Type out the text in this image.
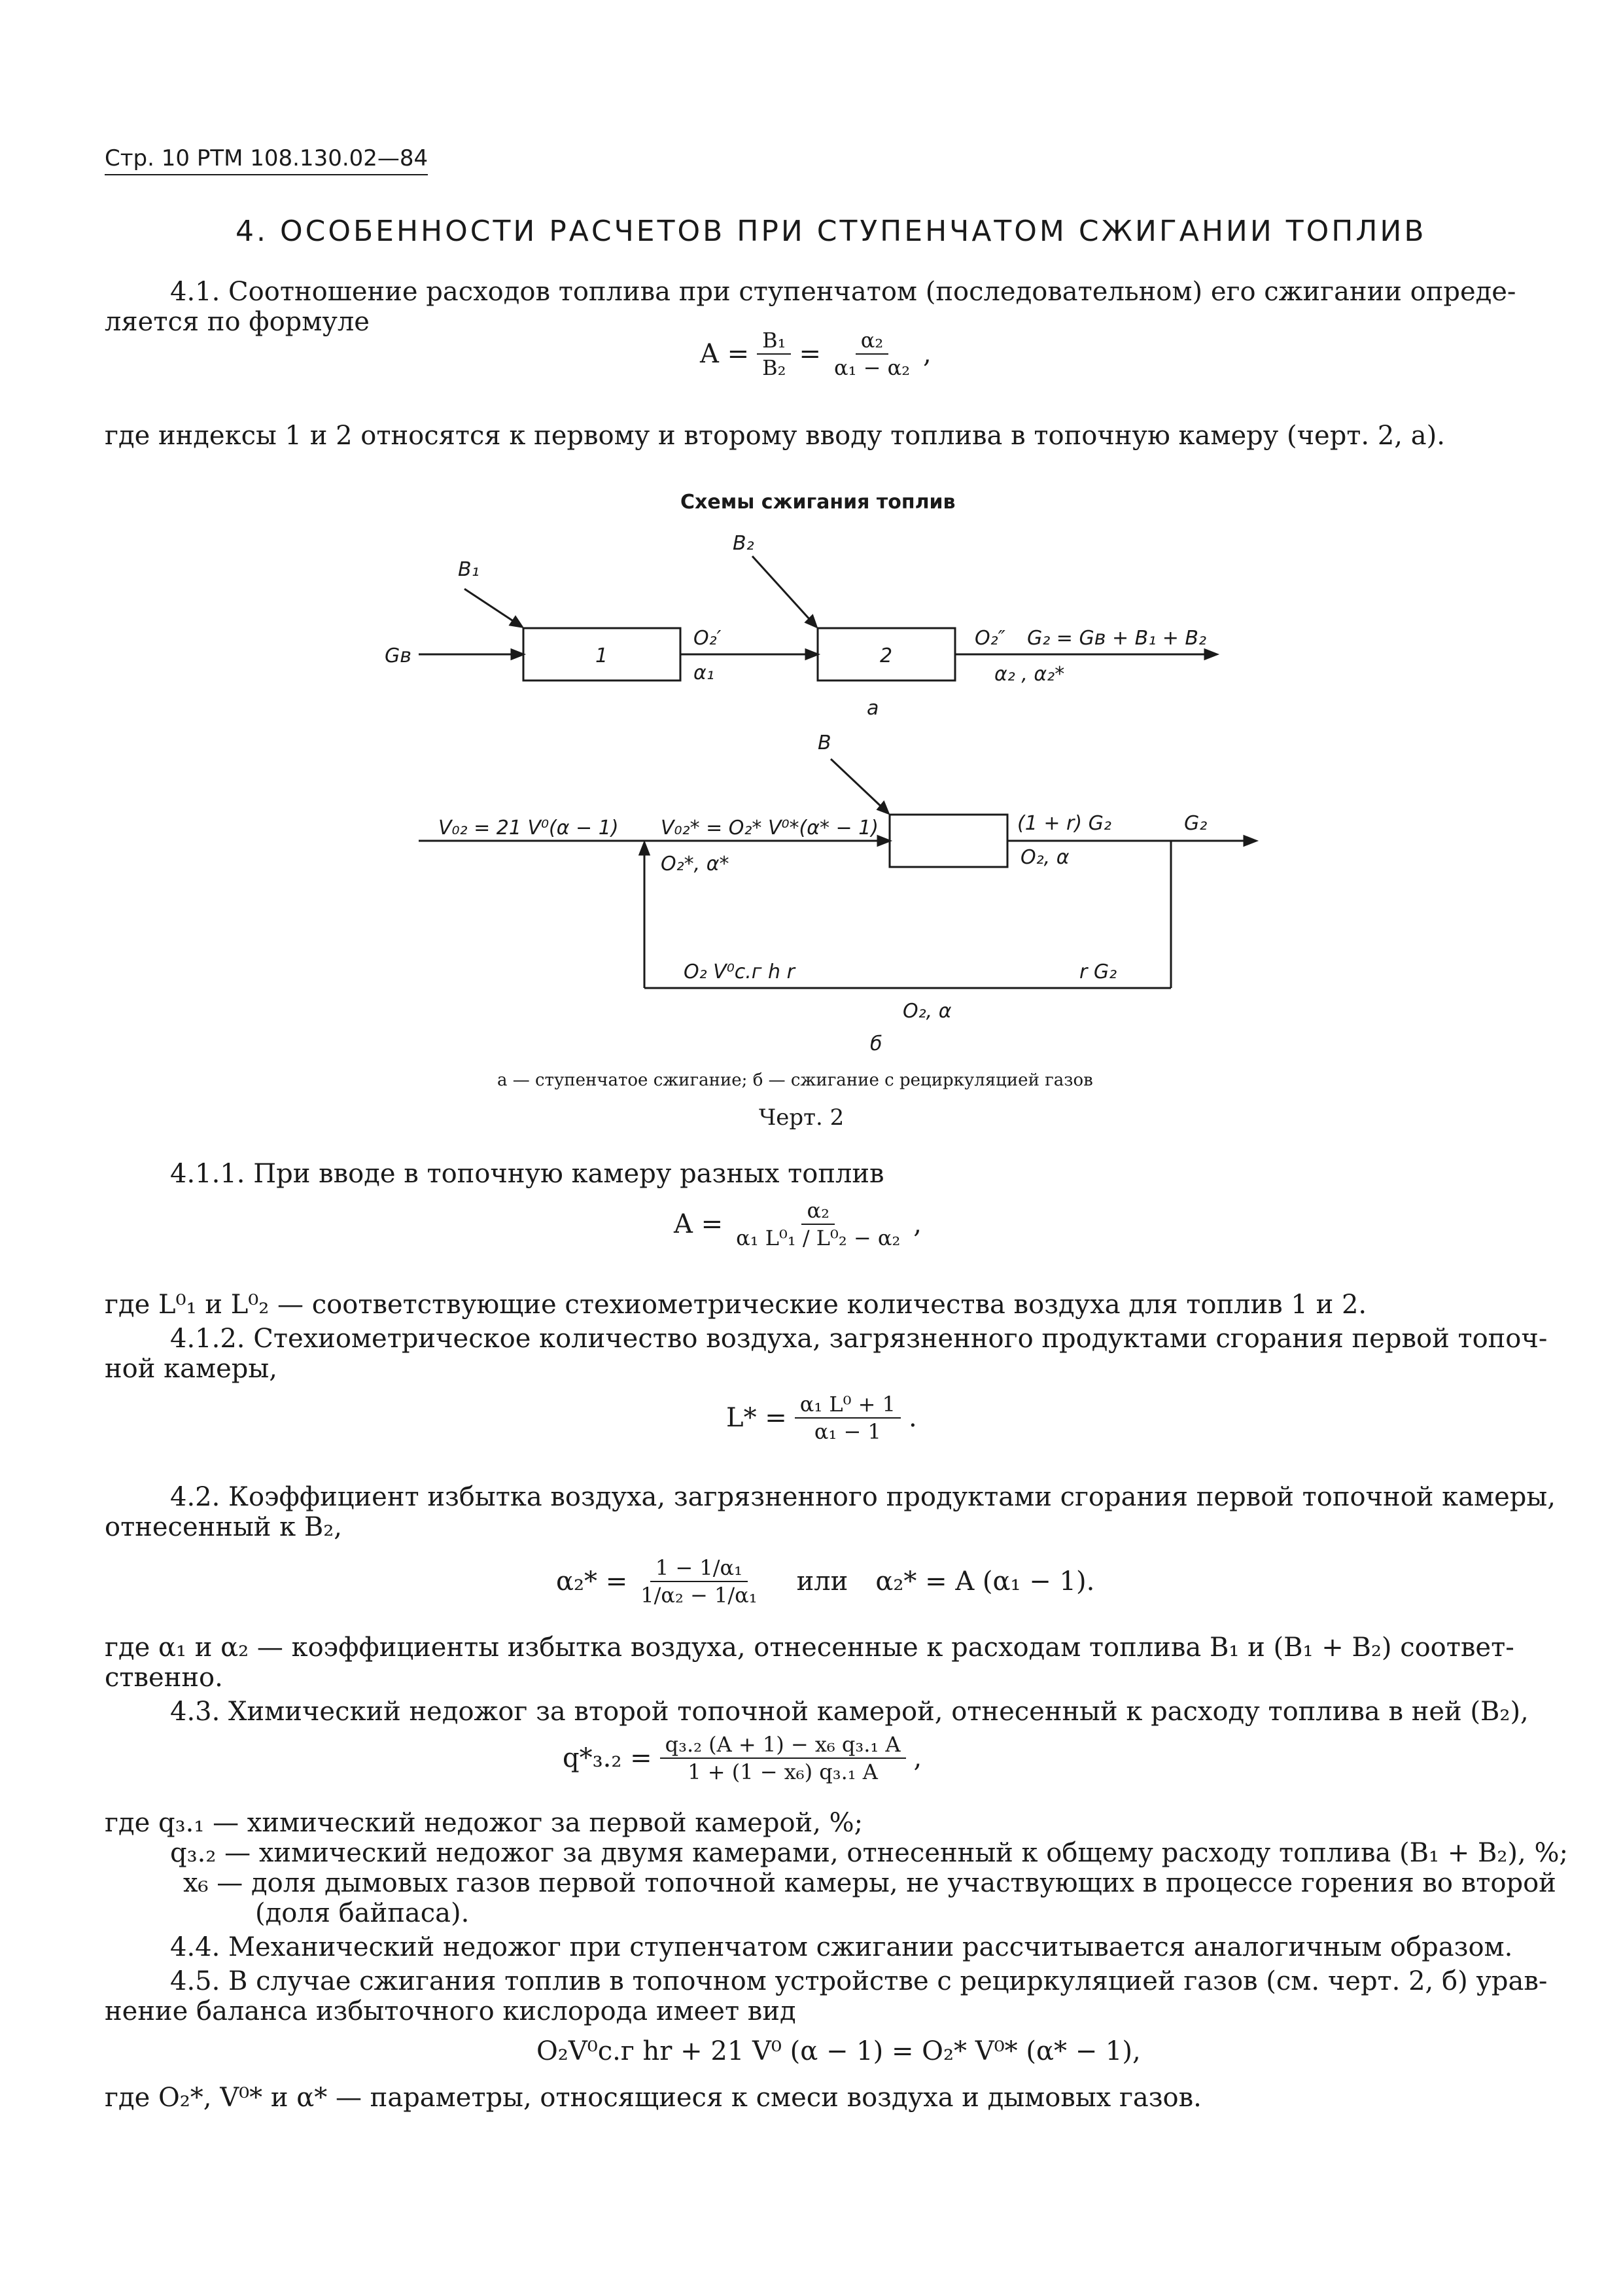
Стр. 10 РТМ 108.130.02—84
4. ОСОБЕННОСТИ РАСЧЕТОВ ПРИ СТУПЕНЧАТОМ СЖИГАНИИ ТОПЛИВ
4.1. Соотношение расходов топлива при ступенчатом (последовательном) его сжигании опреде-
ляется по формуле
$A = \frac{\text{B₁}}{\text{B₂}} = \frac{\text{α₂}}{\text{α₁ − α₂}}$ ,
где индексы 1 и 2 относятся к первому и второму вводу топлива в топочную камеру (черт. 2, а).
Схемы сжигания топлив
B₁
B₂
Gв	1	2
O₂′
α₁
O₂″ G₂ = Gв + B₁ + B₂
α₂ , α₂*
а
B
V₀₂ = 21 V⁰(α − 1) V₀₂* = O₂* V⁰*(α* − 1)
O₂*, α*
(1 + r) G₂
O₂, α
G₂
O₂ V⁰с.г h r	r G₂
O₂, α
б
а — ступенчатое сжигание; б — сжигание с рециркуляцией газов
Черт. 2
4.1.1. При вводе в топочную камеру разных топлив
$A = \frac{\text{α₂}}{\text{α₁ L⁰₁ / L⁰₂ − α₂}}$ ,
где L⁰₁ и L⁰₂ — соответствующие стехиометрические количества воздуха для топлив 1 и 2.
4.1.2. Стехиометрическое количество воздуха, загрязненного продуктами сгорания первой топоч-
ной камеры,
$L* = \frac{\text{α₁ L⁰ + 1}}{\text{α₁ − 1}}$ .
4.2. Коэффициент избытка воздуха, загрязненного продуктами сгорания первой топочной камеры,
отнесенный к B₂,
$\alpha_2* = \frac{\text{1 − 1/α₁}}{\text{1/α₂ − 1/α₁}}$ или α₂* = A (α₁ − 1).
где α₁ и α₂ — коэффициенты избытка воздуха, отнесенные к расходам топлива B₁ и (B₁ + B₂) соответ-
ственно.
4.3. Химический недожог за второй топочной камерой, отнесенный к расходу топлива в ней (B₂),
$q*_3._2 = \frac{\text{q₃.₂ (A + 1) − x₆ q₃.₁ A}}{\text{1 + (1 − x₆) q₃.₁ A}}$ ,
где q₃.₁ — химический недожог за первой камерой, %;
q₃.₂ — химический недожог за двумя камерами, отнесенный к общему расходу топлива (B₁ + B₂), %;
x₆ — доля дымовых газов первой топочной камеры, не участвующих в процессе горения во второй
(доля байпаса).
4.4. Механический недожог при ступенчатом сжигании рассчитывается аналогичным образом.
4.5. В случае сжигания топлив в топочном устройстве с рециркуляцией газов (см. черт. 2, б) урав-
нение баланса избыточного кислорода имеет вид
O₂V⁰с.г hr + 21 V⁰ (α − 1) = O₂* V⁰* (α* − 1),
где O₂*, V⁰* и α* — параметры, относящиеся к смеси воздуха и дымовых газов.
